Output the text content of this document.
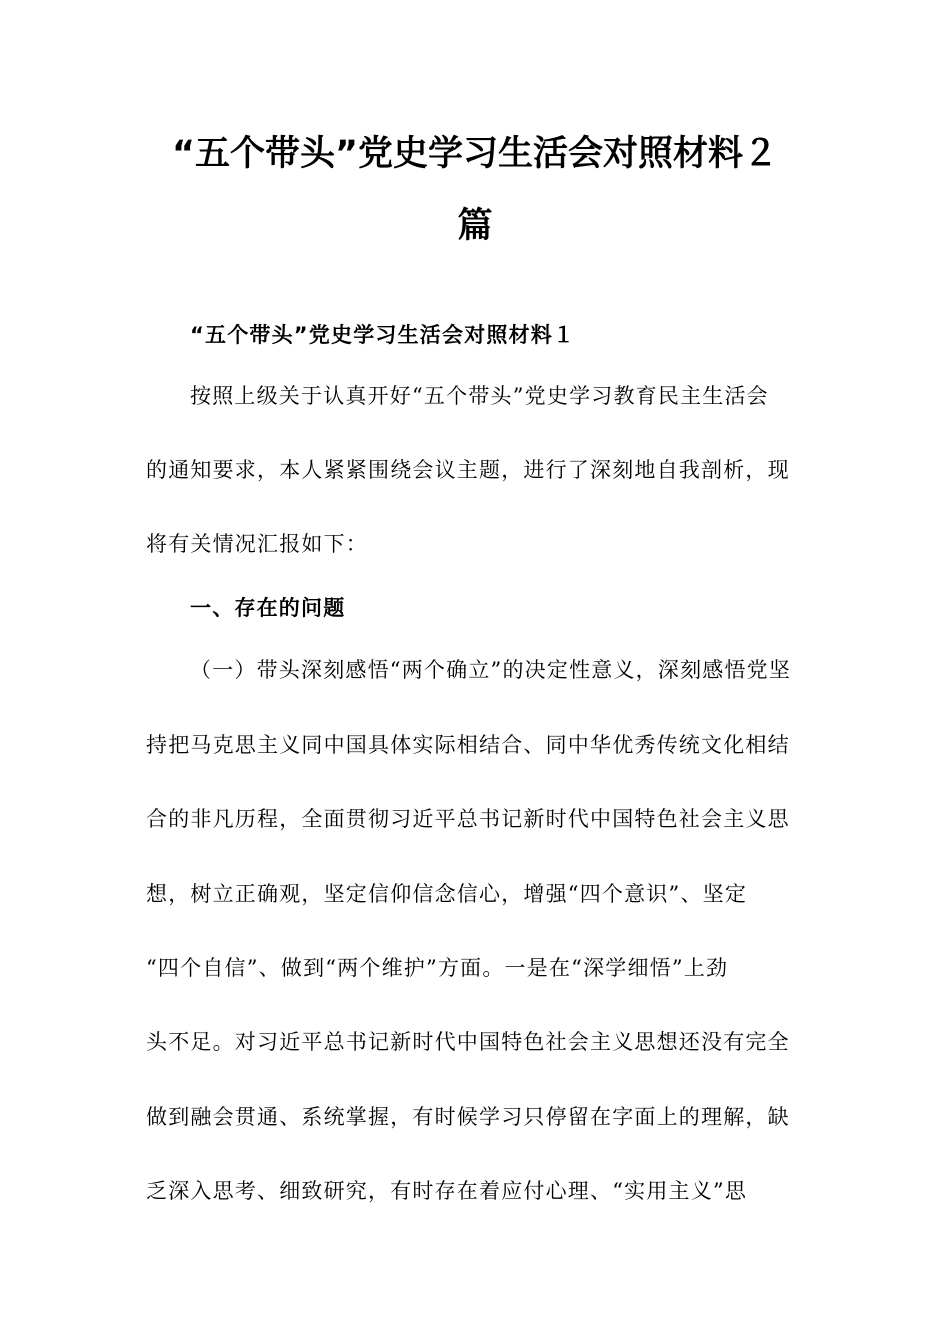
“五个带头”党史学习生活会对照材料２
篇
“五个带头”党史学习生活会对照材料１
按照上级关于认真开好“五个带头”党史学习教育民主生活会
的通知要求，本人紧紧围绕会议主题，进行了深刻地自我剖析，现
将有关情况汇报如下：
一、存在的问题
（一）带头深刻感悟“两个确立”的决定性意义，深刻感悟党坚
持把马克思主义同中国具体实际相结合、同中华优秀传统文化相结
合的非凡历程，全面贯彻习近平总书记新时代中国特色社会主义思
想，树立正确观，坚定信仰信念信心，增强“四个意识”、坚定
“四个自信”、做到“两个维护”方面。一是在“深学细悟”上劲
头不足。对习近平总书记新时代中国特色社会主义思想还没有完全
做到融会贯通、系统掌握，有时候学习只停留在字面上的理解，缺
乏深入思考、细致研究，有时存在着应付心理、“实用主义”思
